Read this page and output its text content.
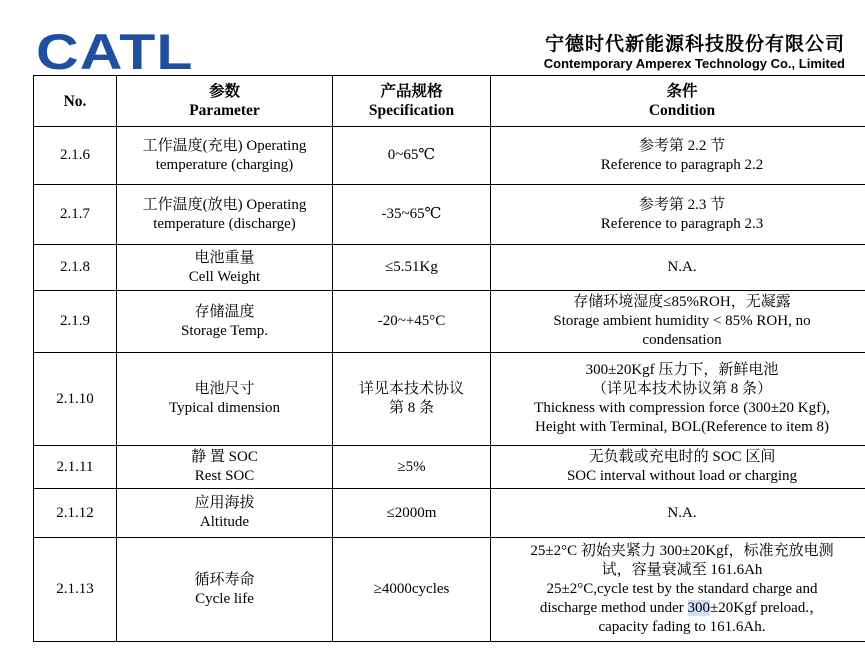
CATL	宁德时代新能源科技股份有限公司
Contemporary Amperex Technology Co., Limited
No.	参数
Parameter	产品规格
Specification	条件
Condition

2.1.6	工作温度(充电) Operating
temperature (charging)	0~65℃	参考第 2.2 节
Reference to paragraph 2.2

2.1.7	工作温度(放电) Operating
temperature (discharge)	-35~65℃	参考第 2.3 节
Reference to paragraph 2.3

2.1.8	电池重量
Cell Weight	≤5.51Kg	N.A.
2.1.9	存储温度
Storage Temp.	-20~+45°C	存储环境湿度≤85%ROH，无凝露
Storage ambient humidity < 85% ROH, no
condensation

2.1.10	电池尺寸
Typical dimension	详见本技术协议
第 8 条	300±20Kgf 压力下，新鲜电池
（详见本技术协议第 8 条）
Thickness with compression force (300±20 Kgf),
Height with Terminal, BOL(Reference to item 8)

2.1.11	静 置 SOC
Rest SOC	≥5%	无负载或充电时的 SOC 区间
SOC interval without load or charging

2.1.12	应用海拔
Altitude	≤2000m	N.A.
2.1.13	循环寿命
Cycle life	≥4000cycles	25±2°C 初始夹紧力 300±20Kgf，标准充放电测
试，容量衰减至 161.6Ah
25±2°C,cycle test by the standard charge and
discharge method under 300±20Kgf preload.，
capacity fading to 161.6Ah.
